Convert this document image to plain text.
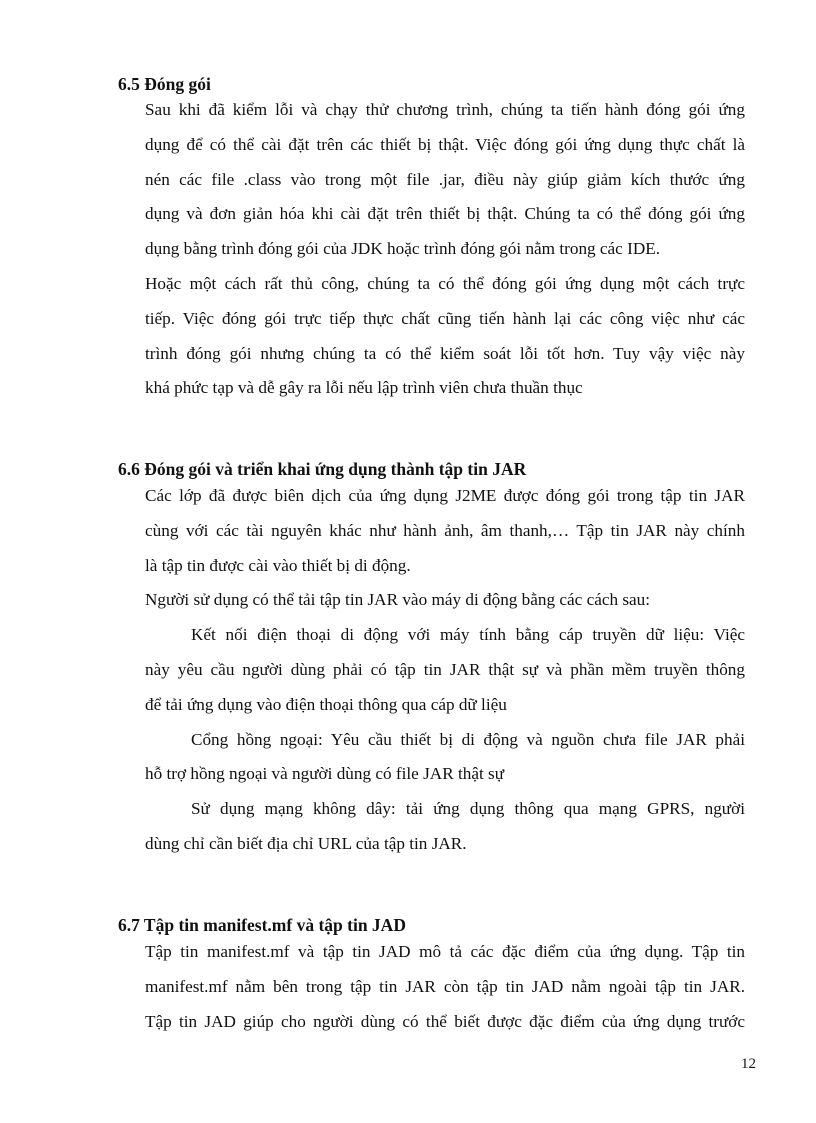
6.5 Đóng gói
Sau khi đã kiểm lỗi và chạy thử chương trình, chúng ta tiến hành đóng gói ứng
dụng để có thể cài đặt trên các thiết bị thật. Việc đóng gói ứng dụng thực chất là
nén các file .class vào trong một file .jar, điều này giúp giảm kích thước ứng
dụng và đơn giản hóa khi cài đặt trên thiết bị thật. Chúng ta có thể đóng gói ứng
dụng bằng trình đóng gói của JDK hoặc trình đóng gói nằm trong các IDE.
Hoặc một cách rất thủ công, chúng ta có thể đóng gói ứng dụng một cách trực
tiếp. Việc đóng gói trực tiếp thực chất cũng tiến hành lại các công việc như các
trình đóng gói nhưng chúng ta có thể kiểm soát lỗi tốt hơn. Tuy vậy việc này
khá phức tạp và dễ gây ra lỗi nếu lập trình viên chưa thuần thục
6.6 Đóng gói và triển khai ứng dụng thành tập tin JAR
Các lớp đã được biên dịch của ứng dụng J2ME được đóng gói trong tập tin JAR
cùng với các tài nguyên khác như hành ảnh, âm thanh,… Tập tin JAR này chính
là tập tin được cài vào thiết bị di động.
Người sử dụng có thể tải tập tin JAR vào máy di động bằng các cách sau:
Kết nối điện thoại di động với máy tính bằng cáp truyền dữ liệu: Việc
này yêu cầu người dùng phải có tập tin JAR thật sự và phần mềm truyền thông
để tải ứng dụng vào điện thoại thông qua cáp dữ liệu
Cổng hồng ngoại: Yêu cầu thiết bị di động và nguồn chưa file JAR phải
hỗ trợ hồng ngoại và người dùng có file JAR thật sự
Sử dụng mạng không dây: tải ứng dụng thông qua mạng GPRS, người
dùng chỉ cần biết địa chỉ URL của tập tin JAR.
6.7 Tập tin manifest.mf và tập tin JAD
Tập tin manifest.mf và tập tin JAD mô tả các đặc điểm của ứng dụng. Tập tin
manifest.mf nằm bên trong tập tin JAR còn tập tin JAD nằm ngoài tập tin JAR.
Tập tin JAD giúp cho người dùng có thể biết được đặc điểm của ứng dụng trước
12
